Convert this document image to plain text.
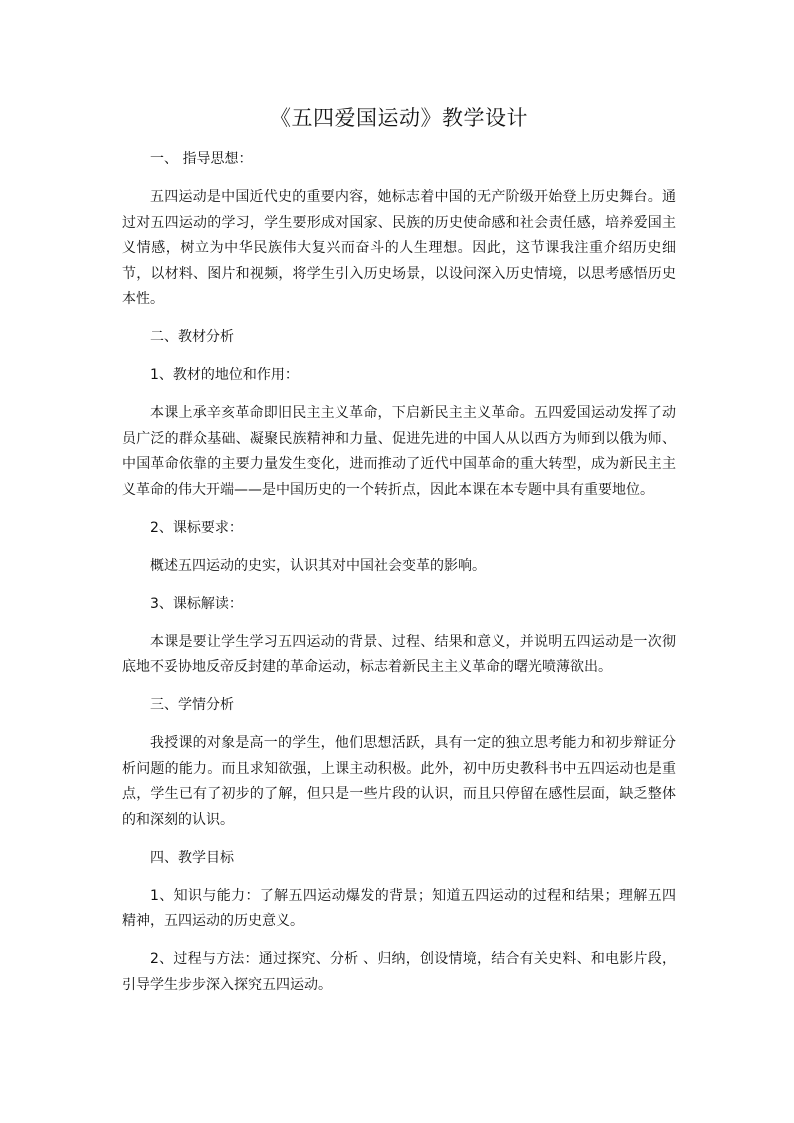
《五四爱国运动》教学设计

一、 指导思想：

五四运动是中国近代史的重要内容，她标志着中国的无产阶级开始登上历史舞台。通过对五四运动的学习，学生要形成对国家、民族的历史使命感和社会责任感，培养爱国主义情感，树立为中华民族伟大复兴而奋斗的人生理想。因此，这节课我注重介绍历史细节，以材料、图片和视频，将学生引入历史场景，以设问深入历史情境，以思考感悟历史本性。

二、教材分析

1、教材的地位和作用：

本课上承辛亥革命即旧民主主义革命，下启新民主主义革命。五四爱国运动发挥了动员广泛的群众基础、凝聚民族精神和力量、促进先进的中国人从以西方为师到以俄为师、中国革命依靠的主要力量发生变化，进而推动了近代中国革命的重大转型，成为新民主主义革命的伟大开端——是中国历史的一个转折点，因此本课在本专题中具有重要地位。

2、课标要求：

概述五四运动的史实，认识其对中国社会变革的影响。

3、课标解读：

本课是要让学生学习五四运动的背景、过程、结果和意义，并说明五四运动是一次彻底地不妥协地反帝反封建的革命运动，标志着新民主主义革命的曙光喷薄欲出。

三、学情分析

我授课的对象是高一的学生，他们思想活跃，具有一定的独立思考能力和初步辩证分析问题的能力。而且求知欲强，上课主动积极。此外，初中历史教科书中五四运动也是重点，学生已有了初步的了解，但只是一些片段的认识，而且只停留在感性层面，缺乏整体的和深刻的认识。

四、教学目标

1、知识与能力：了解五四运动爆发的背景；知道五四运动的过程和结果；理解五四精神，五四运动的历史意义。

2、过程与方法：通过探究、分析 、归纳，创设情境，结合有关史料、和电影片段，引导学生步步深入探究五四运动。
